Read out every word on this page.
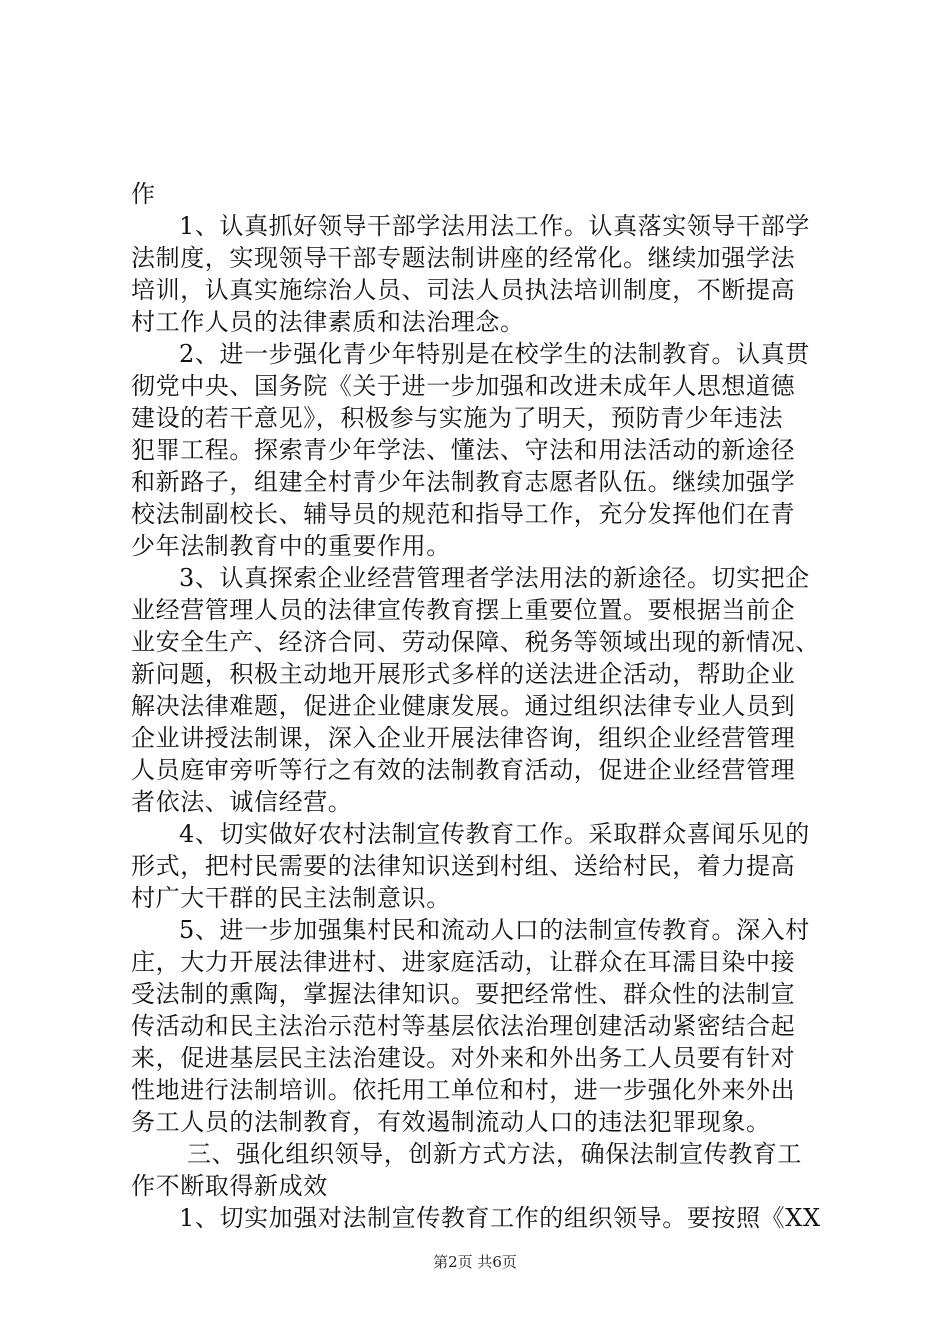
作
1、认真抓好领导干部学法用法工作。认真落实领导干部学
法制度，实现领导干部专题法制讲座的经常化。继续加强学法
培训，认真实施综治人员、司法人员执法培训制度，不断提高
村工作人员的法律素质和法治理念。
2、进一步强化青少年特别是在校学生的法制教育。认真贯
彻党中央、国务院《关于进一步加强和改进未成年人思想道德
建设的若干意见》，积极参与实施为了明天，预防青少年违法
犯罪工程。探索青少年学法、懂法、守法和用法活动的新途径
和新路子，组建全村青少年法制教育志愿者队伍。继续加强学
校法制副校长、辅导员的规范和指导工作，充分发挥他们在青
少年法制教育中的重要作用。
3、认真探索企业经营管理者学法用法的新途径。切实把企
业经营管理人员的法律宣传教育摆上重要位置。要根据当前企
业安全生产、经济合同、劳动保障、税务等领域出现的新情况、
新问题，积极主动地开展形式多样的送法进企活动，帮助企业
解决法律难题，促进企业健康发展。通过组织法律专业人员到
企业讲授法制课，深入企业开展法律咨询，组织企业经营管理
人员庭审旁听等行之有效的法制教育活动，促进企业经营管理
者依法、诚信经营。
4、切实做好农村法制宣传教育工作。采取群众喜闻乐见的
形式，把村民需要的法律知识送到村组、送给村民，着力提高
村广大干群的民主法制意识。
5、进一步加强集村民和流动人口的法制宣传教育。深入村
庄，大力开展法律进村、进家庭活动，让群众在耳濡目染中接
受法制的熏陶，掌握法律知识。要把经常性、群众性的法制宣
传活动和民主法治示范村等基层依法治理创建活动紧密结合起
来，促进基层民主法治建设。对外来和外出务工人员要有针对
性地进行法制培训。依托用工单位和村，进一步强化外来外出
务工人员的法制教育，有效遏制流动人口的违法犯罪现象。
三、强化组织领导，创新方式方法，确保法制宣传教育工
作不断取得新成效
1、切实加强对法制宣传教育工作的组织领导。要按照《XX
第2页 共6页
